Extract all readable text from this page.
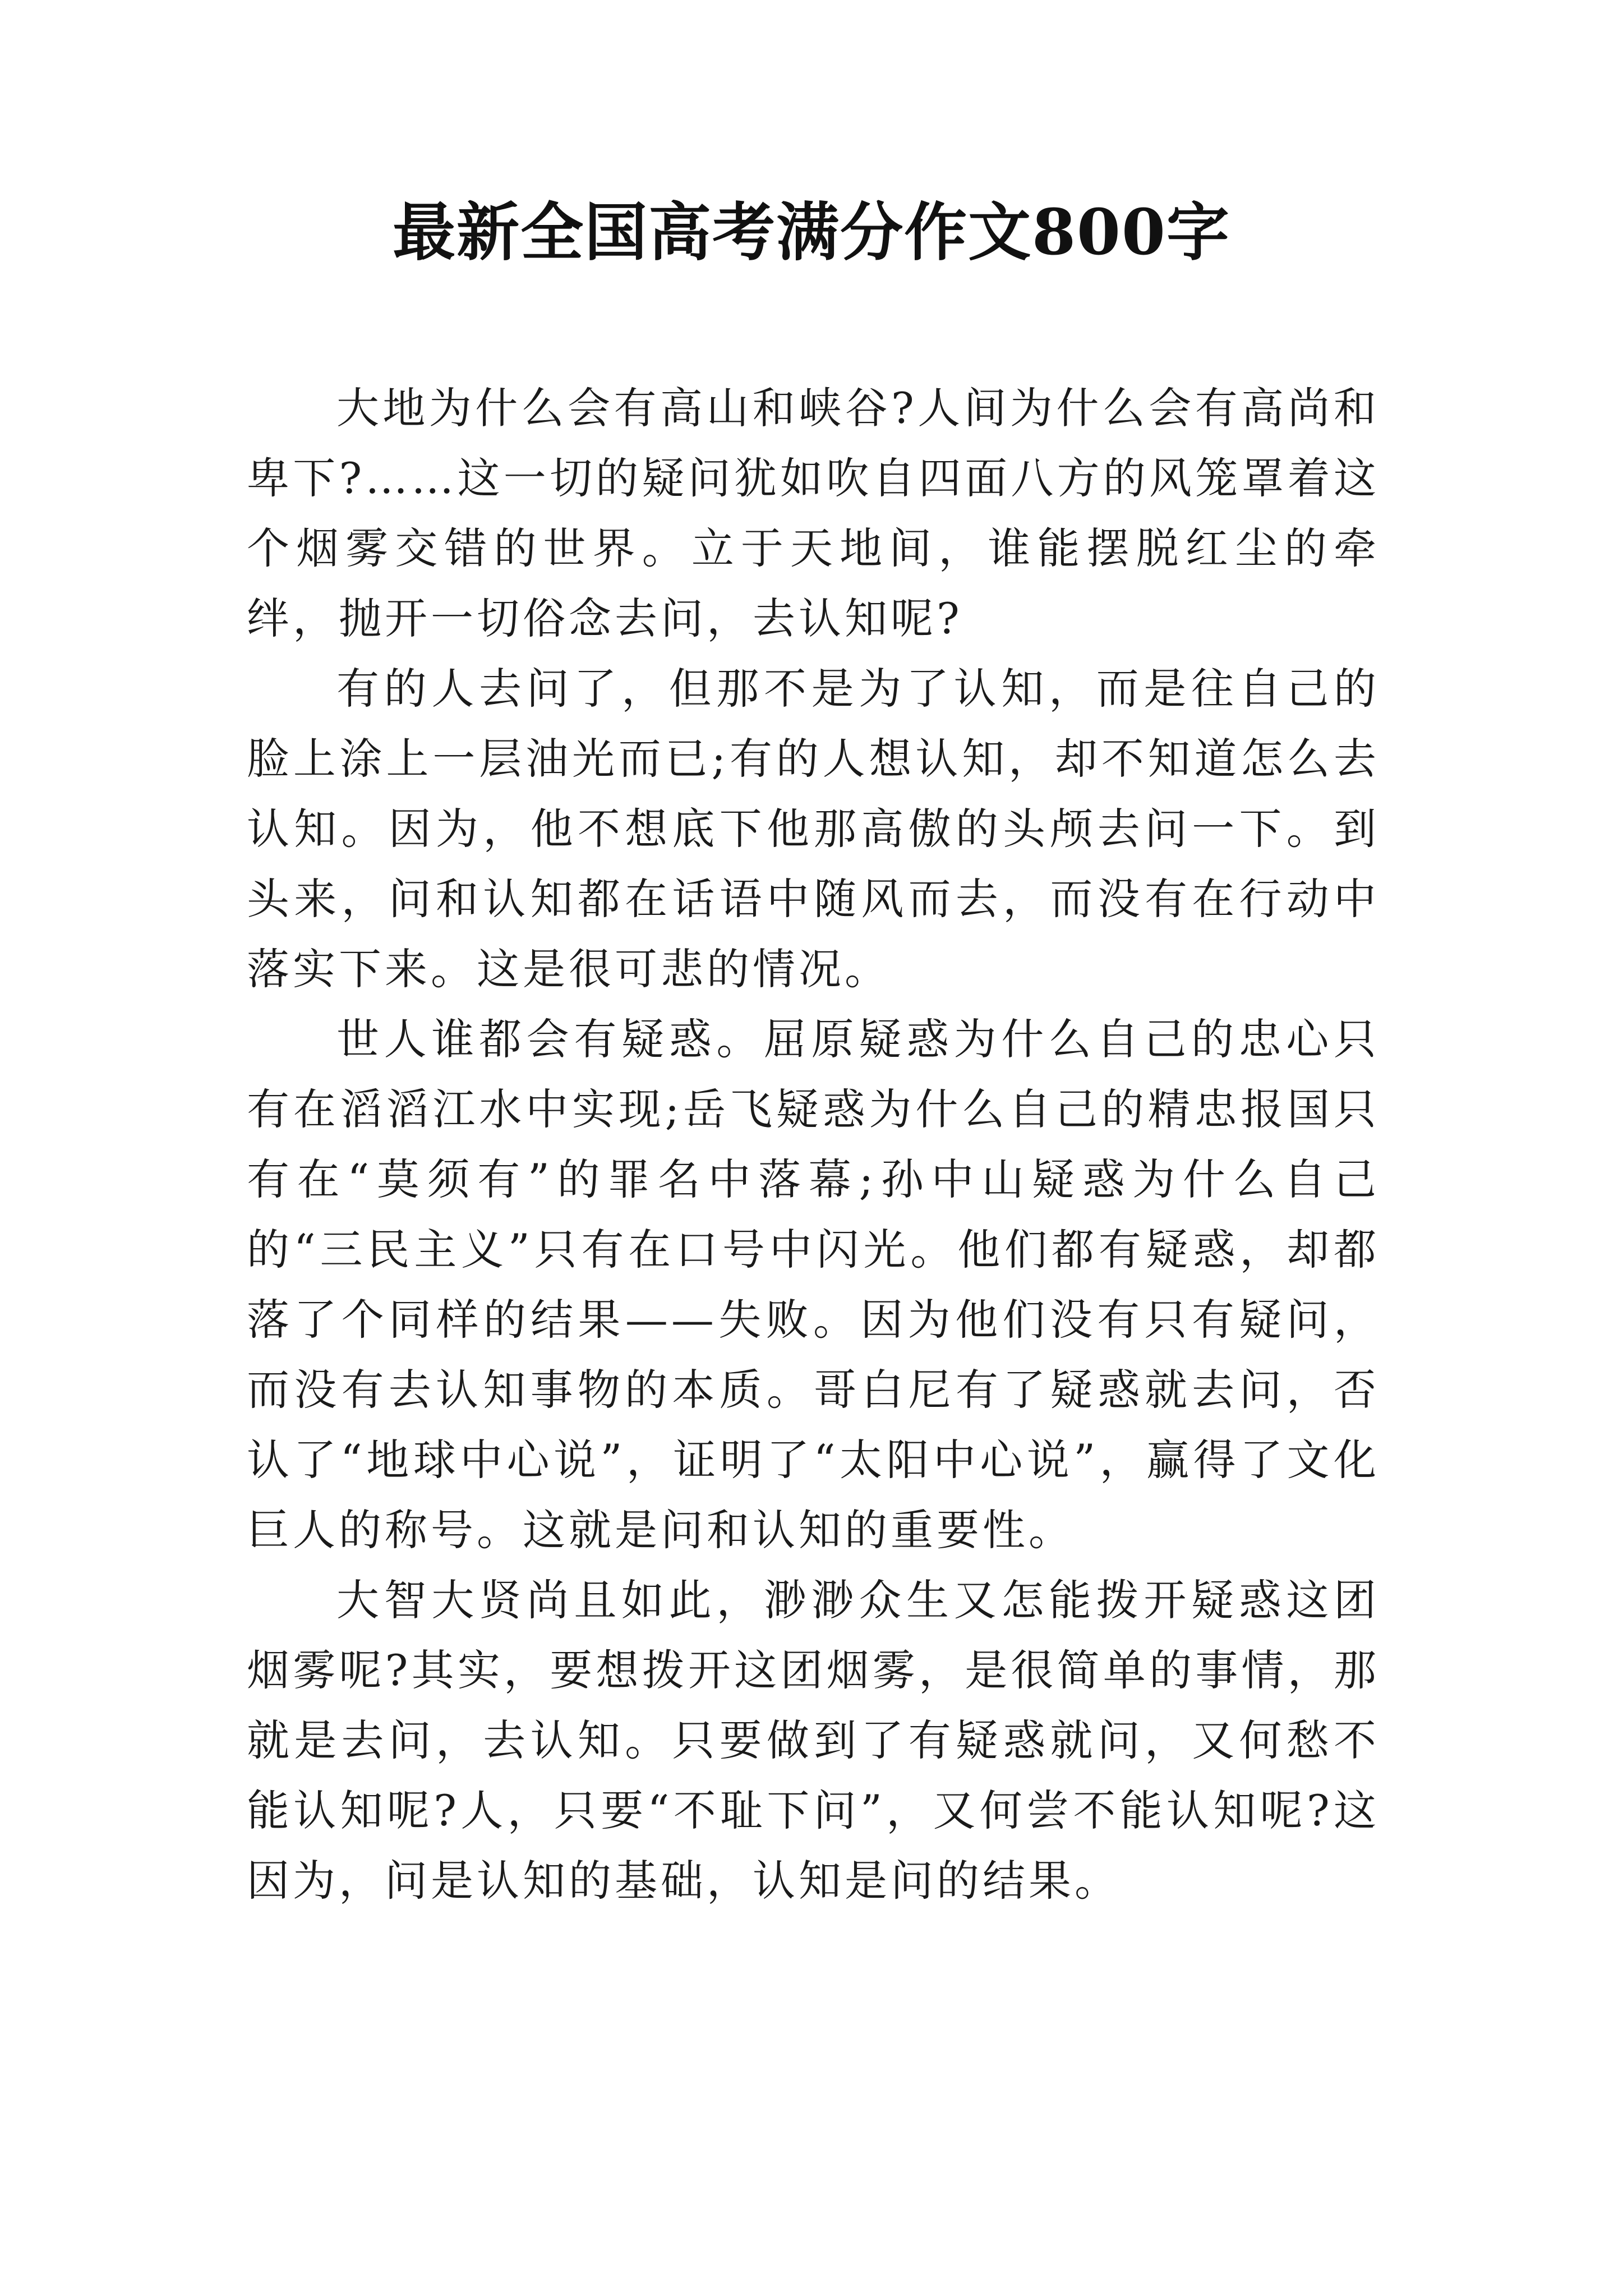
最新全国高考满分作文800字

大地为什么会有高山和峡谷?人间为什么会有高尚和卑下?……这一切的疑问犹如吹自四面八方的风笼罩着这个烟雾交错的世界。立于天地间，谁能摆脱红尘的牵绊，抛开一切俗念去问，去认知呢?

有的人去问了，但那不是为了认知，而是往自己的脸上涂上一层油光而已;有的人想认知，却不知道怎么去认知。因为，他不想底下他那高傲的头颅去问一下。到头来，问和认知都在话语中随风而去，而没有在行动中落实下来。这是很可悲的情况。

世人谁都会有疑惑。屈原疑惑为什么自己的忠心只有在滔滔江水中实现;岳飞疑惑为什么自己的精忠报国只有在“莫须有”的罪名中落幕;孙中山疑惑为什么自己的“三民主义”只有在口号中闪光。他们都有疑惑，却都落了个同样的结果——失败。因为他们没有只有疑问，而没有去认知事物的本质。哥白尼有了疑惑就去问，否认了“地球中心说”，证明了“太阳中心说”，赢得了文化巨人的称号。这就是问和认知的重要性。

大智大贤尚且如此，渺渺众生又怎能拨开疑惑这团烟雾呢?其实，要想拨开这团烟雾，是很简单的事情，那就是去问，去认知。只要做到了有疑惑就问，又何愁不能认知呢?人，只要“不耻下问”，又何尝不能认知呢?这因为，问是认知的基础，认知是问的结果。
